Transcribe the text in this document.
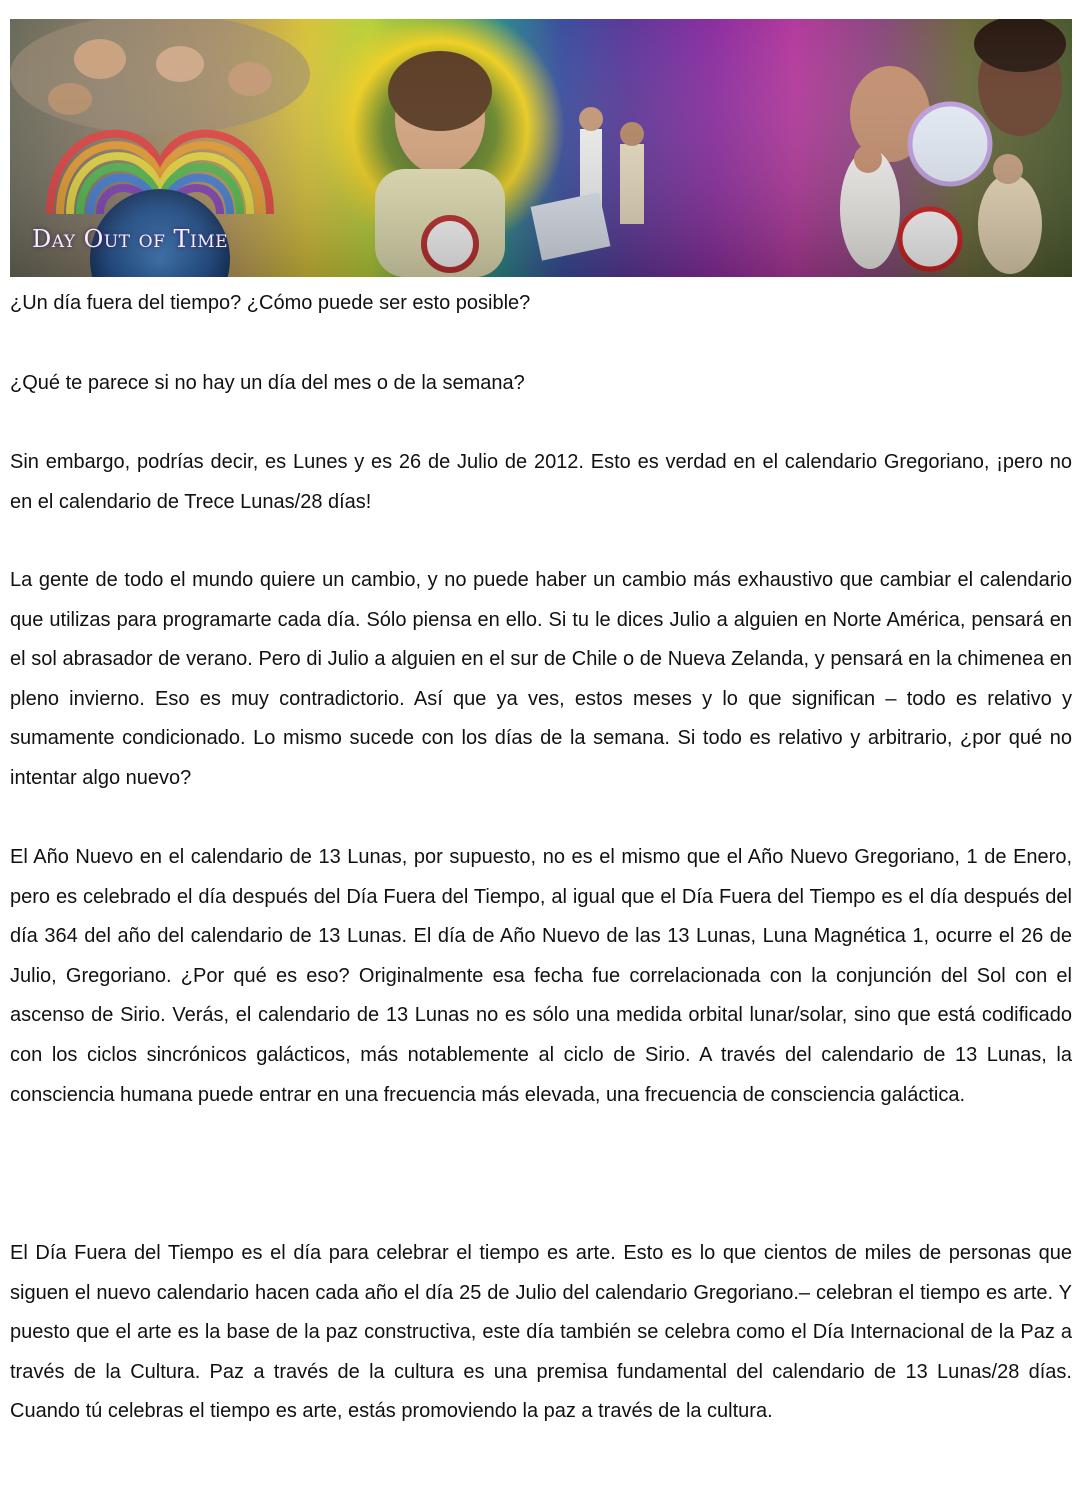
Day Out of Time

¿Un día fuera del tiempo? ¿Cómo puede ser esto posible?

¿Qué te parece si no hay un día del mes o de la semana?

Sin embargo, podrías decir, es Lunes y es 26 de Julio de 2012. Esto es verdad en el calendario Gregoriano, ¡pero no en el calendario de Trece Lunas/28 días!

La gente de todo el mundo quiere un cambio, y no puede haber un cambio más exhaustivo que cambiar el calendario que utilizas para programarte cada día. Sólo piensa en ello. Si tu le dices Julio a alguien en Norte América, pensará en el sol abrasador de verano. Pero di Julio a alguien en el sur de Chile o de Nueva Zelanda, y pensará en la chimenea en pleno invierno. Eso es muy contradictorio. Así que ya ves, estos meses y lo que significan – todo es relativo y sumamente condicionado. Lo mismo sucede con los días de la semana. Si todo es relativo y arbitrario, ¿por qué no intentar algo nuevo?

El Año Nuevo en el calendario de 13 Lunas, por supuesto, no es el mismo que el Año Nuevo Gregoriano, 1 de Enero, pero es celebrado el día después del Día Fuera del Tiempo, al igual que el Día Fuera del Tiempo es el día después del día 364 del año del calendario de 13 Lunas. El día de Año Nuevo de las 13 Lunas, Luna Magnética 1, ocurre el 26 de Julio, Gregoriano. ¿Por qué es eso? Originalmente esa fecha fue correlacionada con la conjunción del Sol con el ascenso de Sirio. Verás, el calendario de 13 Lunas no es sólo una medida orbital lunar/solar, sino que está codificado con los ciclos sincrónicos galácticos, más notablemente al ciclo de Sirio. A través del calendario de 13 Lunas, la consciencia humana puede entrar en una frecuencia más elevada, una frecuencia de consciencia galáctica.

El Día Fuera del Tiempo es el día para celebrar el tiempo es arte. Esto es lo que cientos de miles de personas que siguen el nuevo calendario hacen cada año el día 25 de Julio del calendario Gregoriano.– celebran el tiempo es arte. Y puesto que el arte es la base de la paz constructiva, este día también se celebra como el Día Internacional de la Paz a través de la Cultura. Paz a través de la cultura es una premisa fundamental del calendario de 13 Lunas/28 días. Cuando tú celebras el tiempo es arte, estás promoviendo la paz a través de la cultura.
